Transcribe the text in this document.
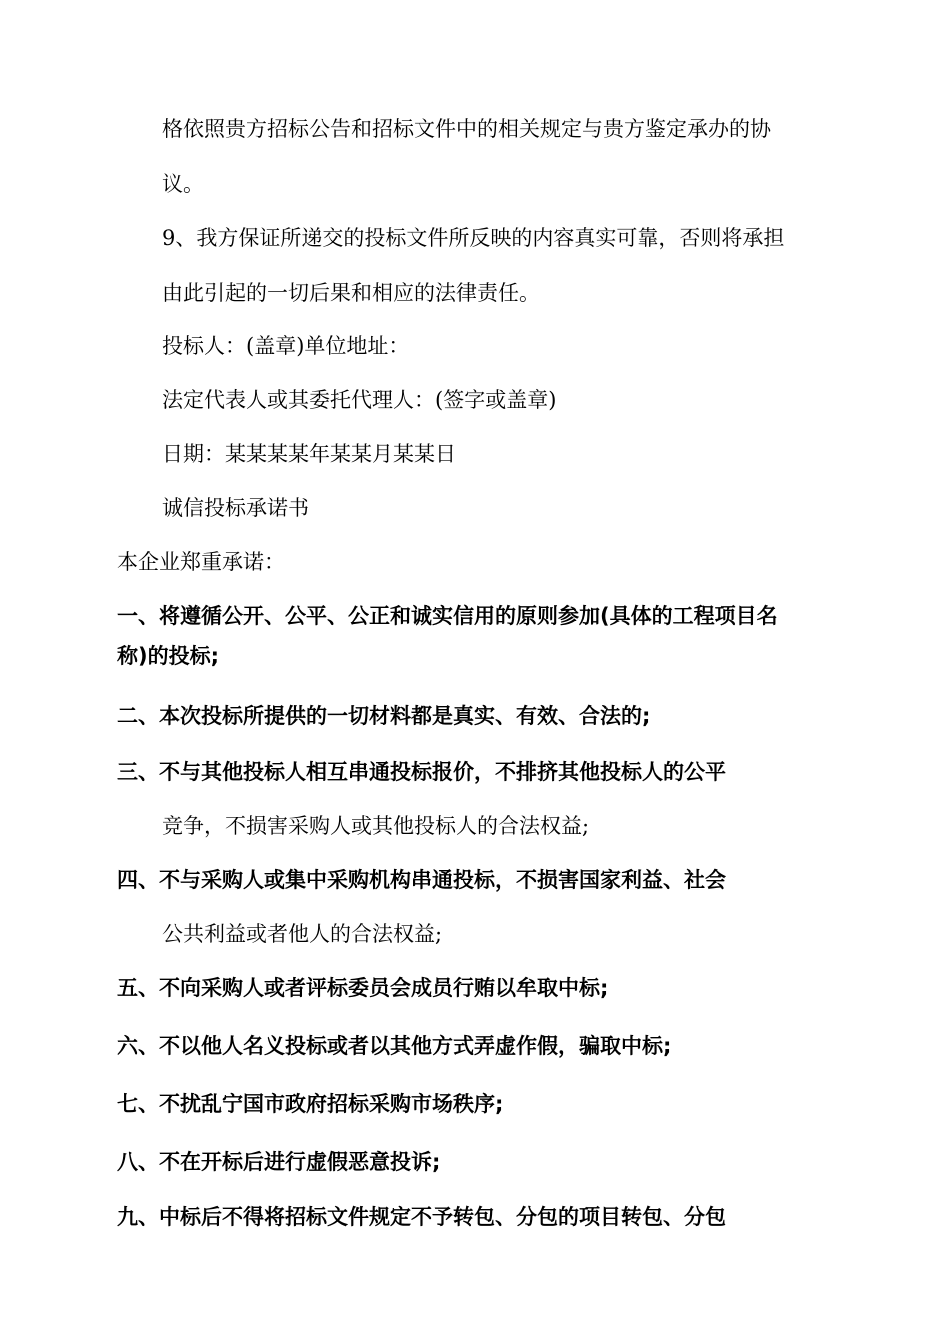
格依照贵方招标公告和招标文件中的相关规定与贵方鉴定承办的协

议。

9、我方保证所递交的投标文件所反映的内容真实可靠，否则将承担

由此引起的一切后果和相应的法律责任。

投标人：(盖章)单位地址：

法定代表人或其委托代理人：(签字或盖章)

日期：某某某某年某某月某某日

诚信投标承诺书

本企业郑重承诺：

一、将遵循公开、公平、公正和诚实信用的原则参加(具体的工程项目名

称)的投标;

二、本次投标所提供的一切材料都是真实、有效、合法的;

三、不与其他投标人相互串通投标报价，不排挤其他投标人的公平

竞争，不损害采购人或其他投标人的合法权益;

四、不与采购人或集中采购机构串通投标，不损害国家利益、社会

公共利益或者他人的合法权益;

五、不向采购人或者评标委员会成员行贿以牟取中标;

六、不以他人名义投标或者以其他方式弄虚作假，骗取中标;

七、不扰乱宁国市政府招标采购市场秩序;

八、不在开标后进行虚假恶意投诉;

九、中标后不得将招标文件规定不予转包、分包的项目转包、分包
